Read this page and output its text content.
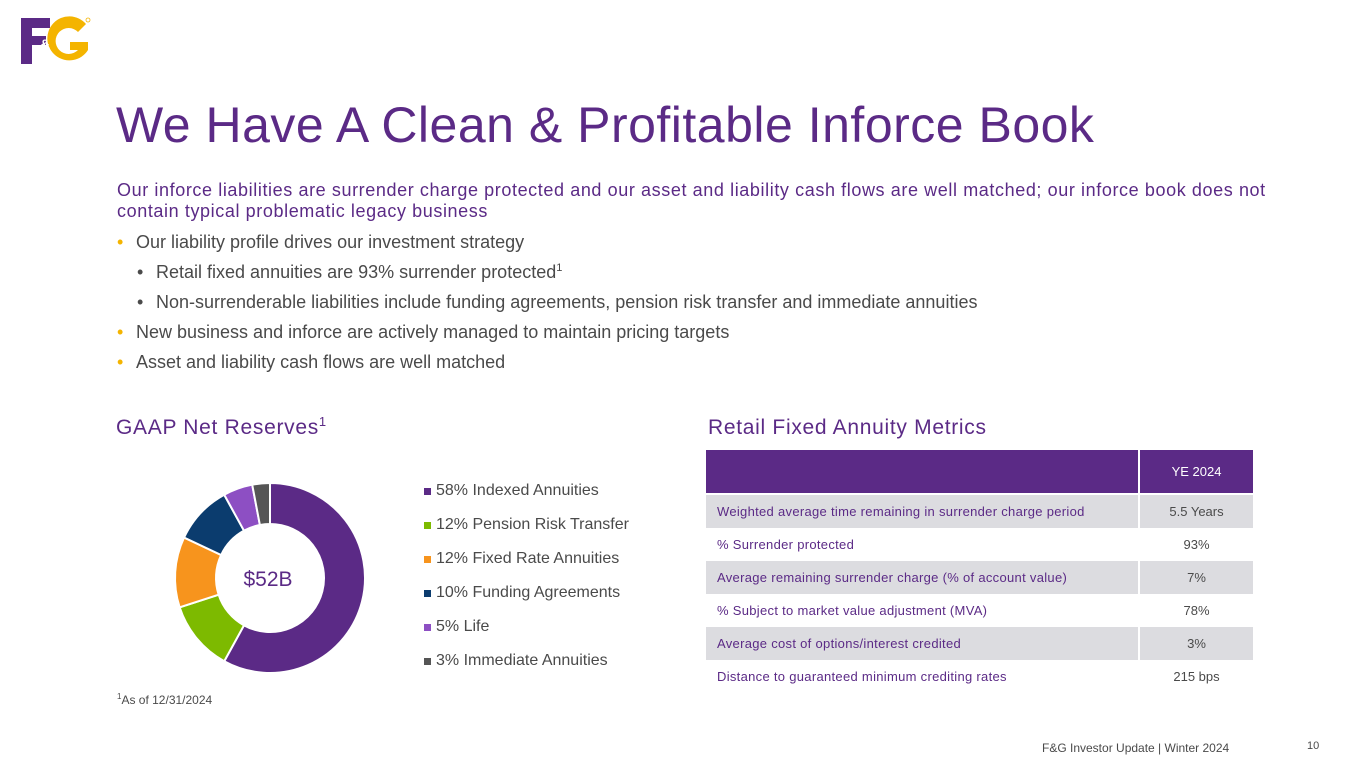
&
We Have A Clean & Profitable Inforce Book
Our inforce liabilities are surrender charge protected and our asset and liability cash flows are well matched; our inforce book does not contain typical problematic legacy business
• Our liability profile drives our investment strategy
• Retail fixed annuities are 93% surrender protected$^1$
• Non-surrenderable liabilities include funding agreements, pension risk transfer and immediate annuities
• New business and inforce are actively managed to maintain pricing targets
• Asset and liability cash flows are well matched
GAAP Net Reserves$^1$
$52B
58% Indexed Annuities
12% Pension Risk Transfer
12% Fixed Rate Annuities
10% Funding Agreements
5% Life
3% Immediate Annuities
$^1$As of 12/31/2024
Retail Fixed Annuity Metrics
YE 2024
Weighted average time remaining in surrender charge period	5.5 Years
% Surrender protected	93%
Average remaining surrender charge (% of account value)	7%
% Subject to market value adjustment (MVA)	78%
Average cost of options/interest credited	3%
Distance to guaranteed minimum crediting rates	215 bps
F&G Investor Update | Winter 2024	10
